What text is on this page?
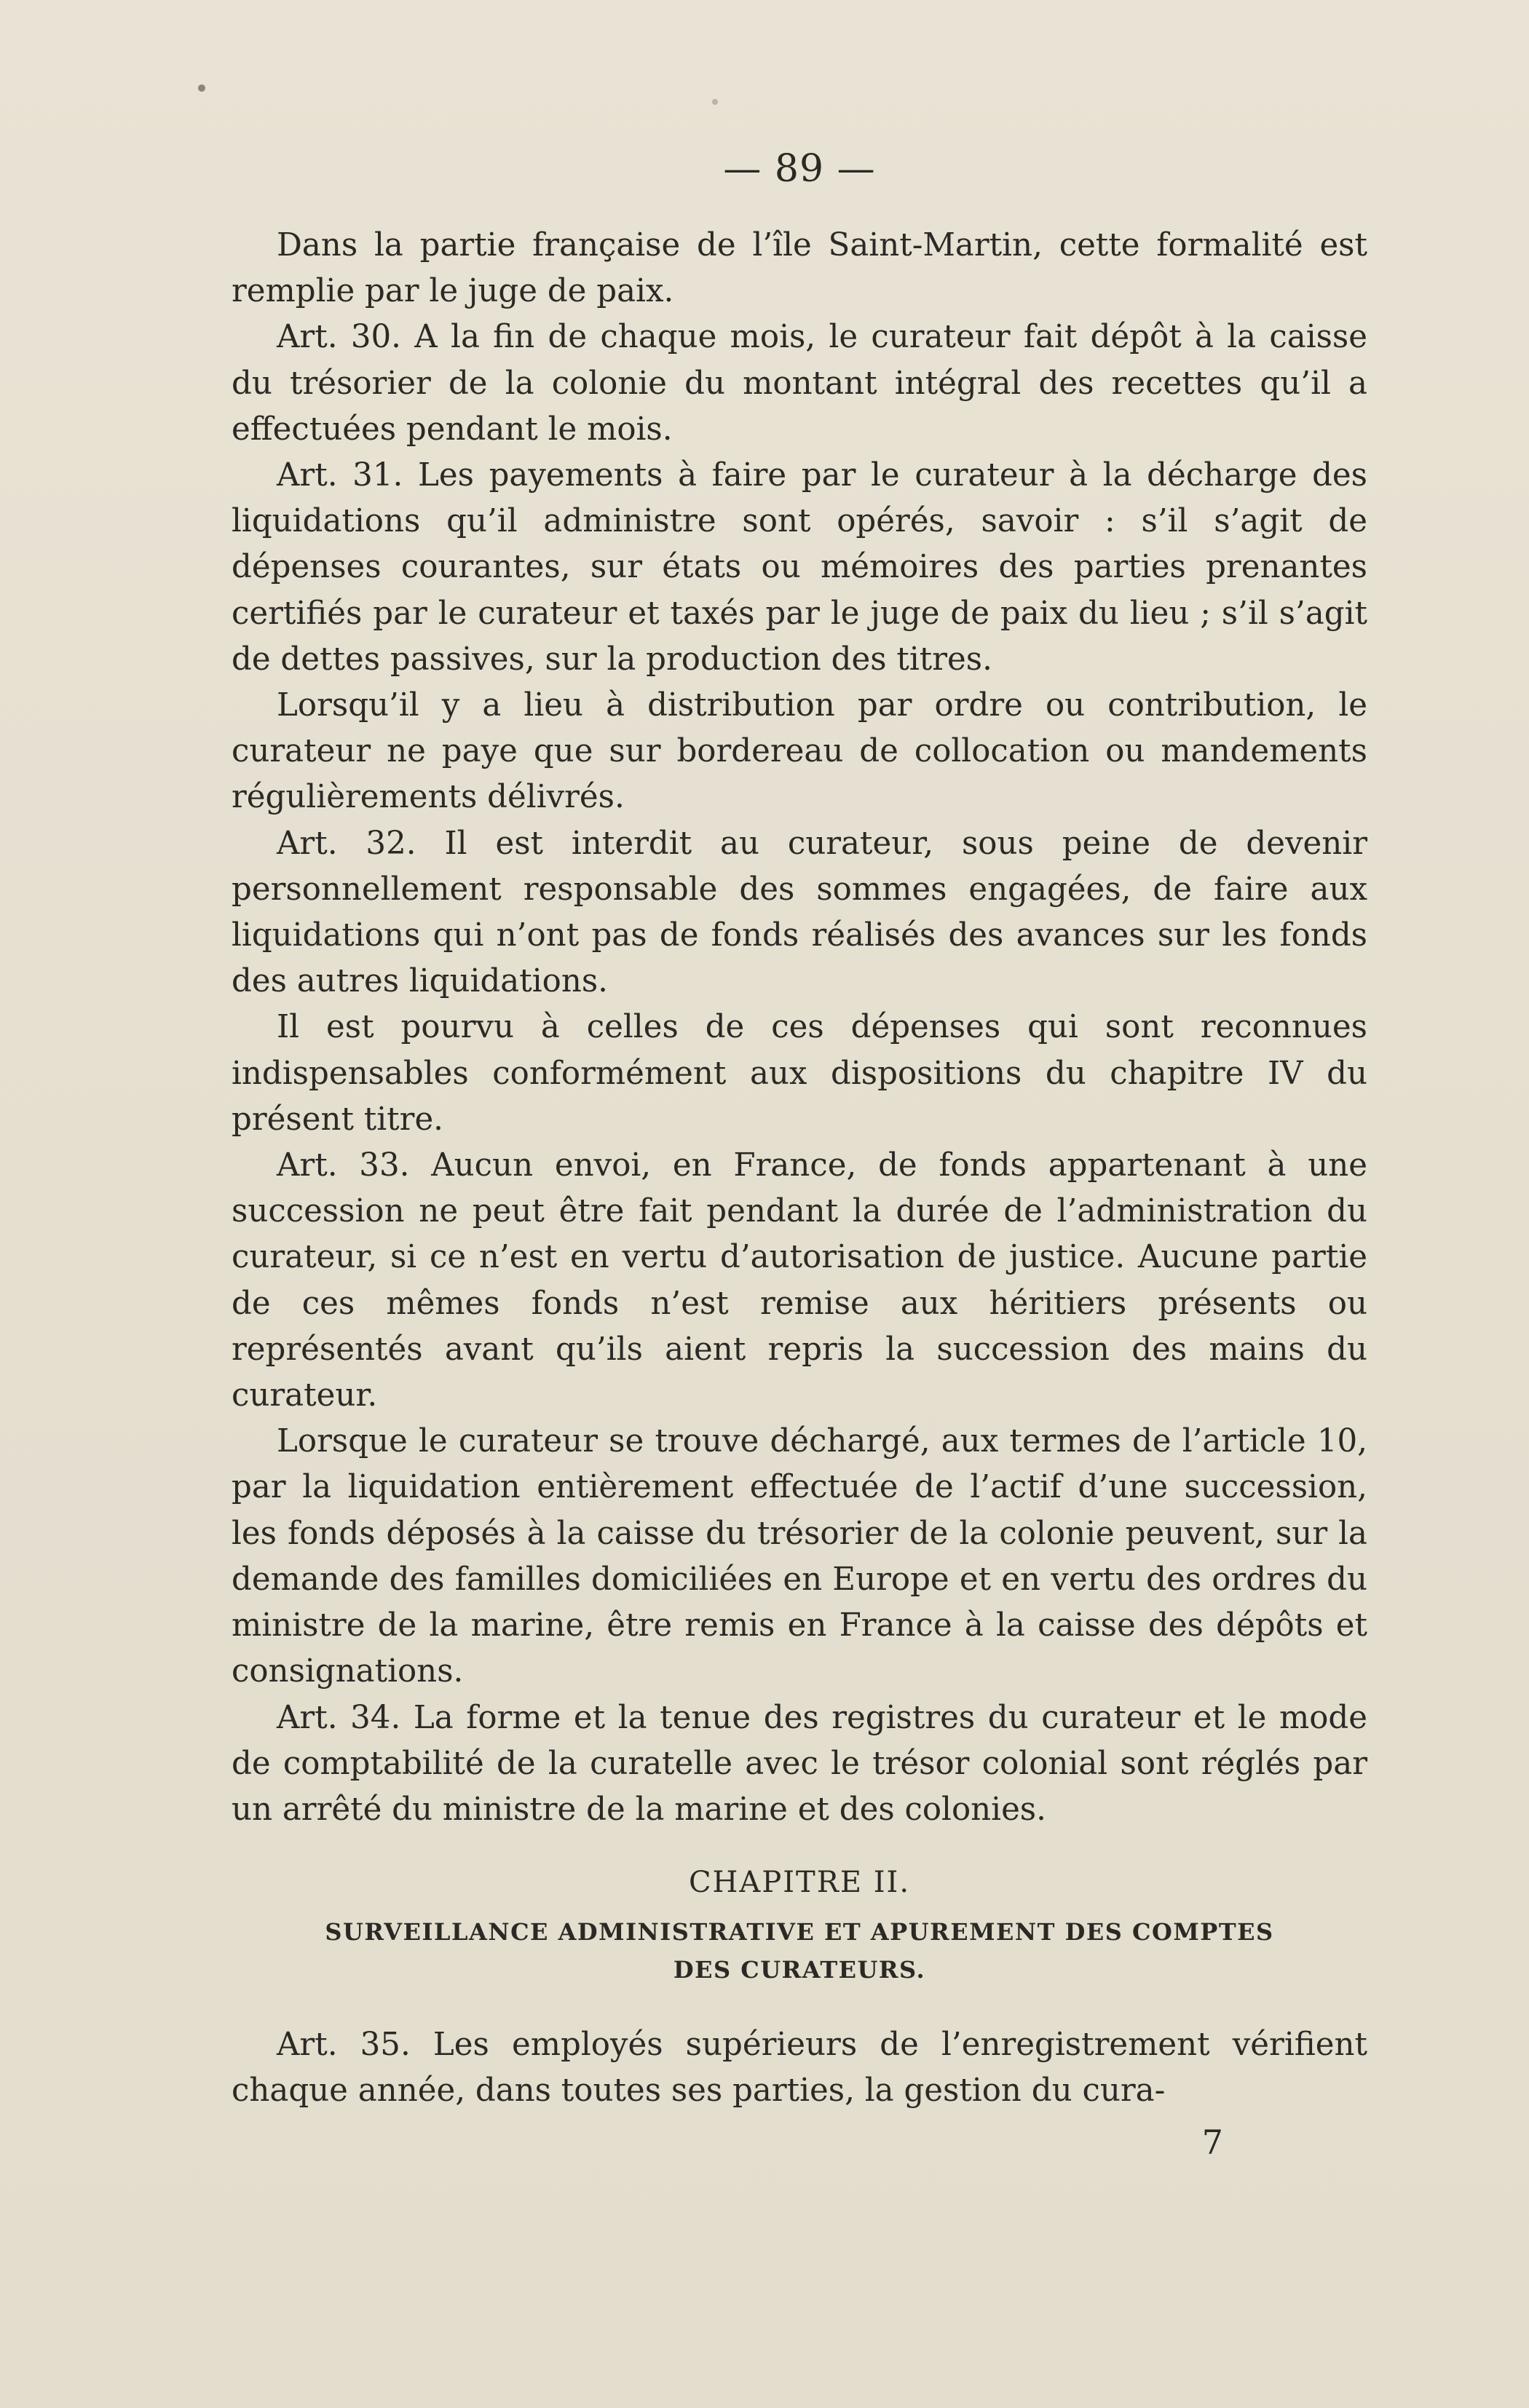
— 89 —

Dans la partie française de l’île Saint-Martin, cette formalité est remplie par le juge de paix.

Art. 30. A la fin de chaque mois, le curateur fait dépôt à la caisse du trésorier de la colonie du montant intégral des recettes qu’il a effectuées pendant le mois.

Art. 31. Les payements à faire par le curateur à la décharge des liquidations qu’il administre sont opérés, savoir : s’il s’agit de dépenses courantes, sur états ou mémoires des parties prenantes certifiés par le curateur et taxés par le juge de paix du lieu ; s’il s’agit de dettes passives, sur la production des titres.

Lorsqu’il y a lieu à distribution par ordre ou contribution, le curateur ne paye que sur bordereau de collocation ou mandements régulièrements délivrés.

Art. 32. Il est interdit au curateur, sous peine de devenir personnellement responsable des sommes engagées, de faire aux liquidations qui n’ont pas de fonds réalisés des avances sur les fonds des autres liquidations.

Il est pourvu à celles de ces dépenses qui sont reconnues indispensables conformément aux dispositions du chapitre IV du présent titre.

Art. 33. Aucun envoi, en France, de fonds appartenant à une succession ne peut être fait pendant la durée de l’administration du curateur, si ce n’est en vertu d’autorisation de justice. Aucune partie de ces mêmes fonds n’est remise aux héritiers présents ou représentés avant qu’ils aient repris la succession des mains du curateur.

Lorsque le curateur se trouve déchargé, aux termes de l’article 10, par la liquidation entièrement effectuée de l’actif d’une succession, les fonds déposés à la caisse du trésorier de la colonie peuvent, sur la demande des familles domiciliées en Europe et en vertu des ordres du ministre de la marine, être remis en France à la caisse des dépôts et consignations.

Art. 34. La forme et la tenue des registres du curateur et le mode de comptabilité de la curatelle avec le trésor colonial sont réglés par un arrêté du ministre de la marine et des colonies.

CHAPITRE II.

SURVEILLANCE ADMINISTRATIVE ET APUREMENT DES COMPTES

DES CURATEURS.

Art. 35. Les employés supérieurs de l’enregistrement vérifient chaque année, dans toutes ses parties, la gestion du cura-

7
